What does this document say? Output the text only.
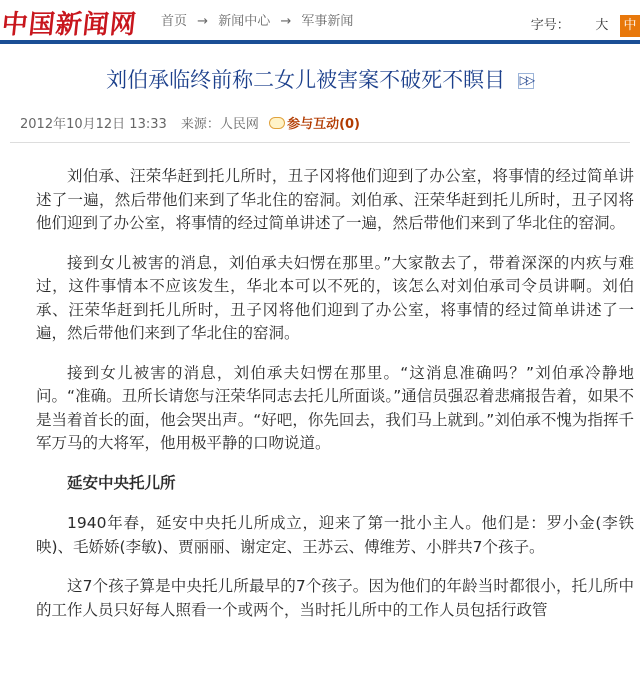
中国新闻网 首页 → 新闻中心 → 军事新闻	字号： 大 中
刘伯承临终前称二女儿被害案不破死不瞑目 ▷▷
2012年10月12日 13:33 来源：人民网 参与互动(0)

刘伯承、汪荣华赶到托儿所时，丑子冈将他们迎到了办公室，将事情的经过简单讲述了一遍，然后带他们来到了华北住的窑洞。刘伯承、汪荣华赶到托儿所时，丑子冈将他们迎到了办公室，将事情的经过简单讲述了一遍，然后带他们来到了华北住的窑洞。

接到女儿被害的消息，刘伯承夫妇愣在那里。”大家散去了，带着深深的内疚与难过，这件事情本不应该发生，华北本可以不死的，该怎么对刘伯承司令员讲啊。刘伯承、汪荣华赶到托儿所时，丑子冈将他们迎到了办公室，将事情的经过简单讲述了一遍，然后带他们来到了华北住的窑洞。

接到女儿被害的消息，刘伯承夫妇愣在那里。“这消息准确吗？”刘伯承冷静地问。“准确。丑所长请您与汪荣华同志去托儿所面谈。”通信员强忍着悲痛报告着，如果不是当着首长的面，他会哭出声。“好吧，你先回去，我们马上就到。”刘伯承不愧为指挥千军万马的大将军，他用极平静的口吻说道。

延安中央托儿所

1940年春，延安中央托儿所成立，迎来了第一批小主人。他们是：罗小金(李铁映)、毛娇娇(李敏)、贾丽丽、谢定定、王苏云、傅维芳、小胖共7个孩子。

这7个孩子算是中央托儿所最早的7个孩子。因为他们的年龄当时都很小，托儿所中的工作人员只好每人照看一个或两个，当时托儿所中的工作人员包括行政管
